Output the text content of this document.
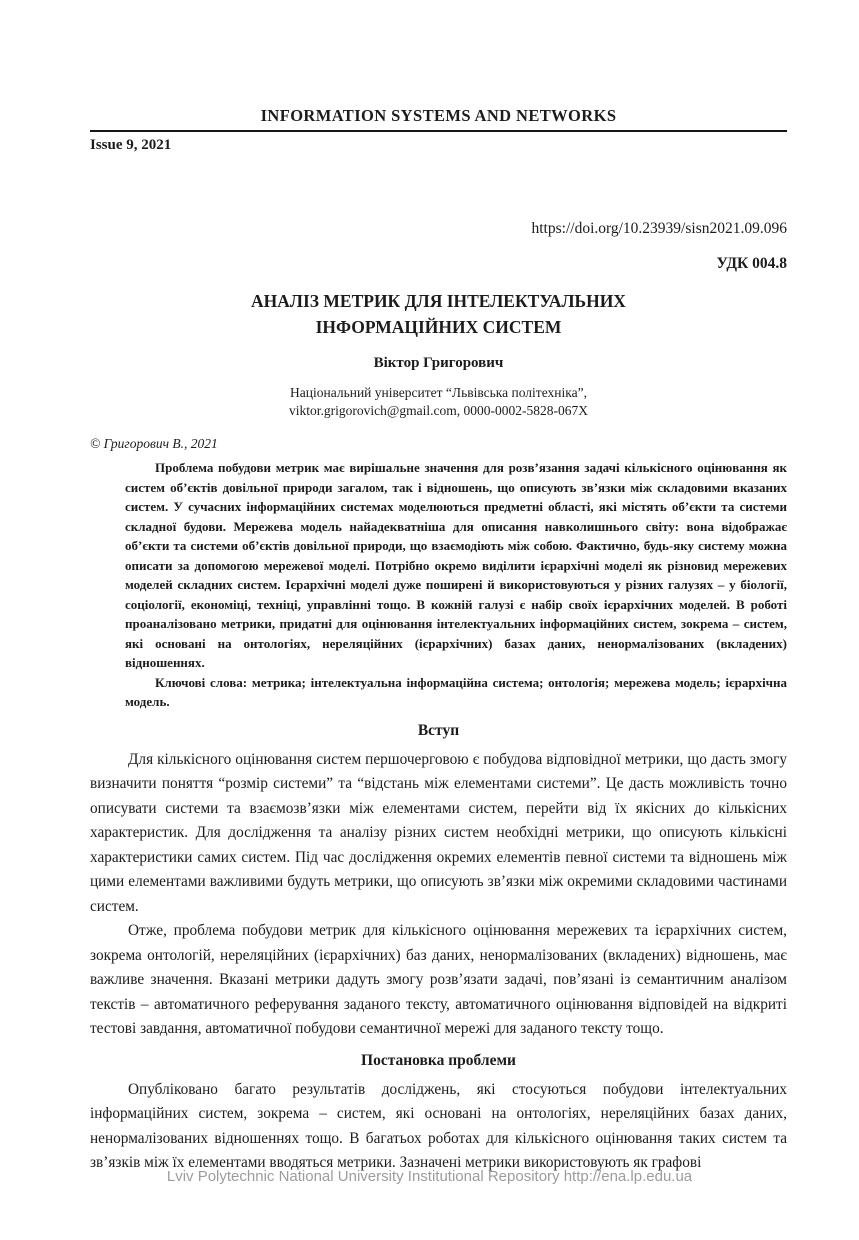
INFORMATION SYSTEMS AND NETWORKS
Issue 9, 2021
https://doi.org/10.23939/sisn2021.09.096
УДК 004.8
АНАЛІЗ МЕТРИК ДЛЯ ІНТЕЛЕКТУАЛЬНИХ ІНФОРМАЦІЙНИХ СИСТЕМ
Віктор Григорович
Національний університет “Львівська політехніка”,
viktor.grigorovich@gmail.com, 0000-0002-5828-067X
© Григорович В., 2021

Проблема побудови метрик має вирішальне значення для розв’язання задачі кількісного оцінювання як систем об’єктів довільної природи загалом, так і відношень, що описують зв’язки між складовими вказаних систем. У сучасних інформаційних системах моделюються предметні області, які містять об’єкти та системи складної будови. Мережева модель найадекватніша для описання навколишнього світу: вона відображає об’єкти та системи об’єктів довільної природи, що взаємодіють між собою. Фактично, будь-яку систему можна описати за допомогою мережевої моделі. Потрібно окремо виділити ієрархічні моделі як різновид мережевих моделей складних систем. Ієрархічні моделі дуже поширені й використовуються у різних галузях – у біології, соціології, економіці, техніці, управлінні тощо. В кожній галузі є набір своїх ієрархічних моделей. В роботі проаналізовано метрики, придатні для оцінювання інтелектуальних інформаційних систем, зокрема – систем, які основані на онтологіях, нереляційних (ієрархічних) базах даних, ненормалізованих (вкладених) відношеннях.

Ключові слова: метрика; інтелектуальна інформаційна система; онтологія; мережева модель; ієрархічна модель.

Вступ

Для кількісного оцінювання систем першочерговою є побудова відповідної метрики, що дасть змогу визначити поняття “розмір системи” та “відстань між елементами системи”. Це дасть можливість точно описувати системи та взаємозв’язки між елементами систем, перейти від їх якісних до кількісних характеристик. Для дослідження та аналізу різних систем необхідні метрики, що описують кількісні характеристики самих систем. Під час дослідження окремих елементів певної системи та відношень між цими елементами важливими будуть метрики, що описують зв’язки між окремими складовими частинами систем.

Отже, проблема побудови метрик для кількісного оцінювання мережевих та ієрархічних систем, зокрема онтологій, нереляційних (ієрархічних) баз даних, ненормалізованих (вкладених) відношень, має важливе значення. Вказані метрики дадуть змогу розв’язати задачі, пов’язані із семантичним аналізом текстів – автоматичного реферування заданого тексту, автоматичного оцінювання відповідей на відкриті тестові завдання, автоматичної побудови семантичної мережі для заданого тексту тощо.

Постановка проблеми

Опубліковано багато результатів досліджень, які стосуються побудови інтелектуальних інформаційних систем, зокрема – систем, які основані на онтологіях, нереляційних базах даних, ненормалізованих відношеннях тощо. В багатьох роботах для кількісного оцінювання таких систем та зв’язків між їх елементами вводяться метрики. Зазначені метрики використовують як графові

Lviv Polytechnic National University Institutional Repository http://ena.lp.edu.ua
